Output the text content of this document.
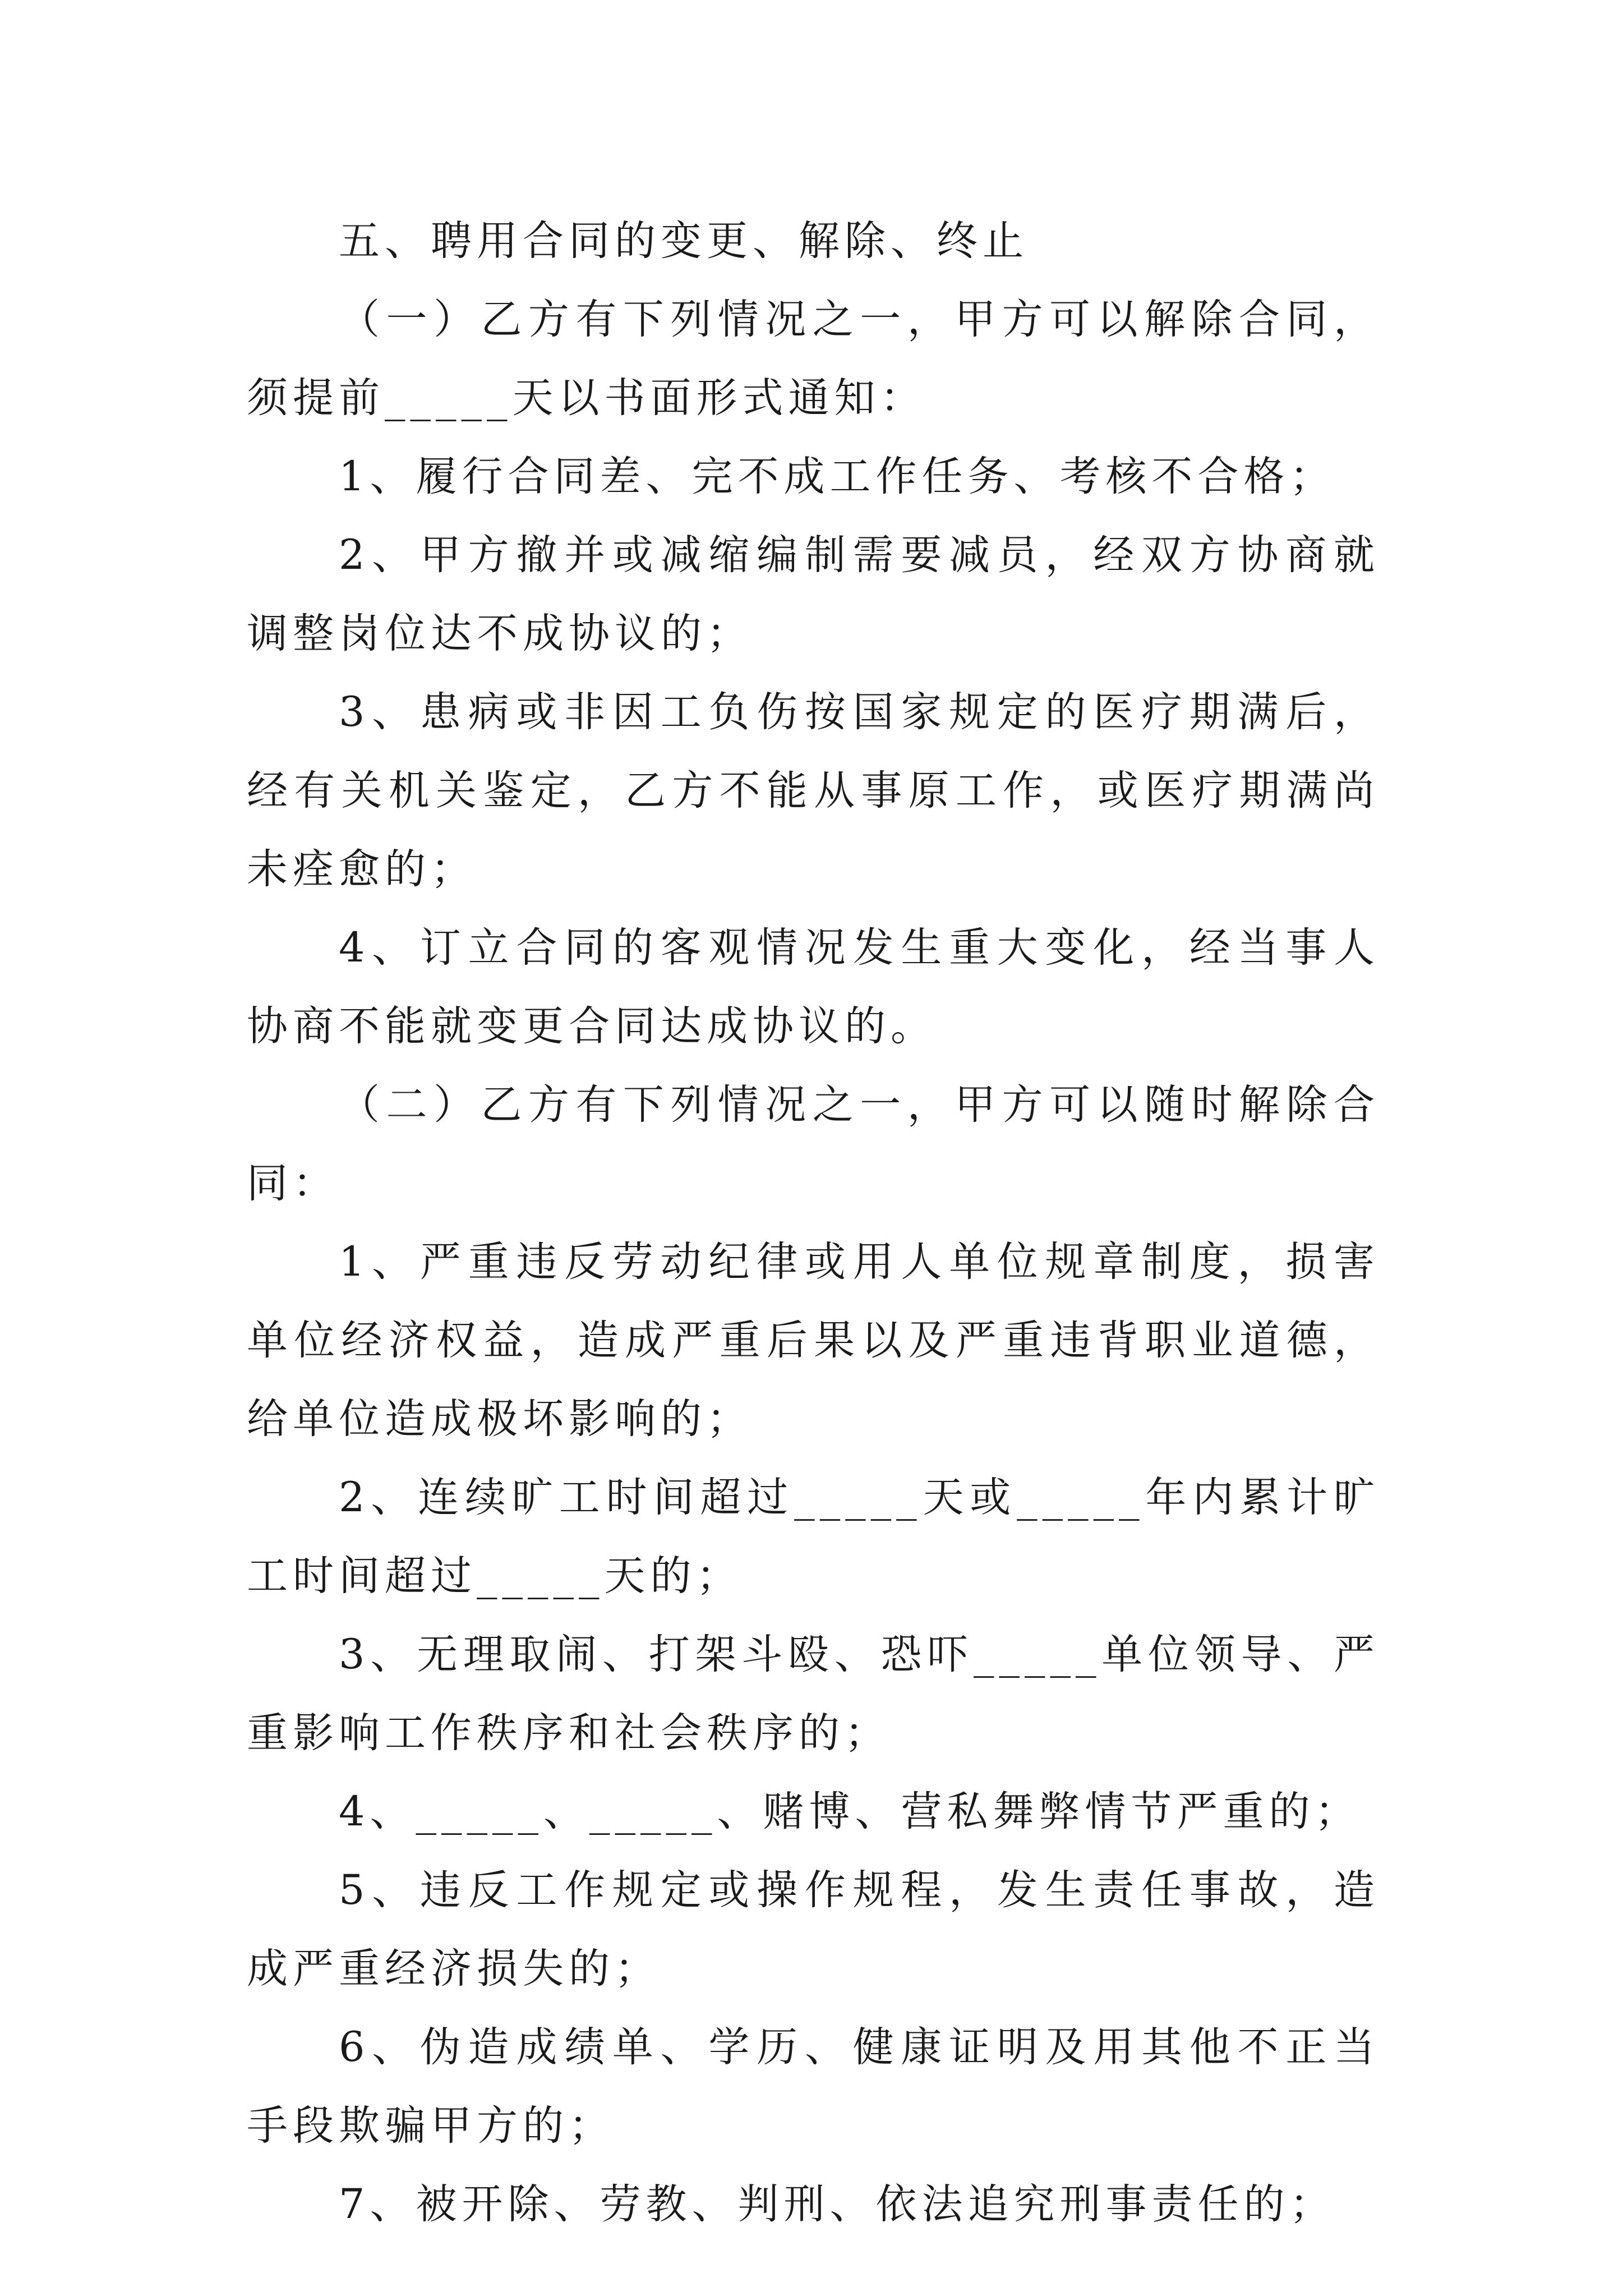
五、聘用合同的变更、解除、终止

（一）乙方有下列情况之一，甲方可以解除合同，须提前_____天以书面形式通知：

1、履行合同差、完不成工作任务、考核不合格；

2、甲方撤并或减缩编制需要减员，经双方协商就调整岗位达不成协议的；

3、患病或非因工负伤按国家规定的医疗期满后，经有关机关鉴定，乙方不能从事原工作，或医疗期满尚未痊愈的；

4、订立合同的客观情况发生重大变化，经当事人协商不能就变更合同达成协议的。

（二）乙方有下列情况之一，甲方可以随时解除合同：

1、严重违反劳动纪律或用人单位规章制度，损害单位经济权益，造成严重后果以及严重违背职业道德，给单位造成极坏影响的；

2、连续旷工时间超过_____天或_____年内累计旷工时间超过_____天的；

3、无理取闹、打架斗殴、恐吓_____单位领导、严重影响工作秩序和社会秩序的；

4、_____、_____、赌博、营私舞弊情节严重的；

5、违反工作规定或操作规程，发生责任事故，造成严重经济损失的；

6、伪造成绩单、学历、健康证明及用其他不正当手段欺骗甲方的；

7、被开除、劳教、判刑、依法追究刑事责任的；
